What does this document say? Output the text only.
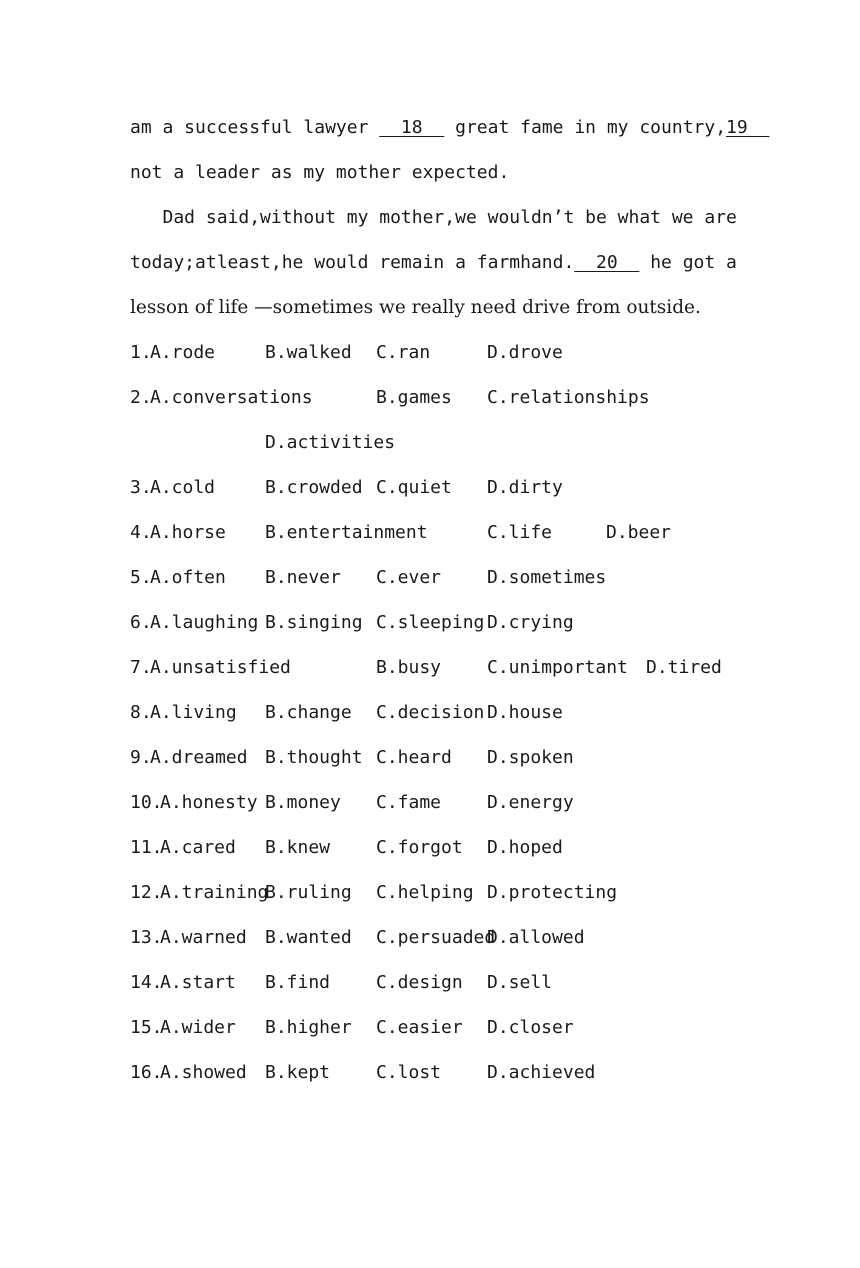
am a successful lawyer   18   great fame in my country,19
not a leader as my mother expected.
Dad said,without my mother,we wouldn’t be what we are
today;atleast,he would remain a farmhand.  20   he got a
lesson of life —sometimes we really need drive from outside.

1.

A.rode

	B.walked

C.ran

	D.drove

2.

A.conversations

	B.games

C.relationships

D.activities

3.

A.cold

	B.crowded

C.quiet

D.dirty

4.

A.horse

B.entertainment

	C.life

	D.beer

5.

A.often

B.never

C.ever

	D.sometimes

6.

A.laughing

B.singing

C.sleeping

D.crying

7.

A.unsatisfied

	B.busy

	C.unimportant

D.tired

8.

A.living

B.change

C.decision

D.house

9.

A.dreamed

B.thought

C.heard

D.spoken

10.

A.honesty

B.money

C.fame

	D.energy

11.

A.cared

B.knew

	C.forgot

D.hoped

12.

A.training

B.ruling

C.helping

D.protecting

13.

A.warned

B.wanted

C.persuaded

D.allowed

14.

A.start

B.find

	C.design

D.sell

15.

A.wider

B.higher

C.easier

D.closer

16.

A.showed

B.kept

	C.lost

	D.achieved
